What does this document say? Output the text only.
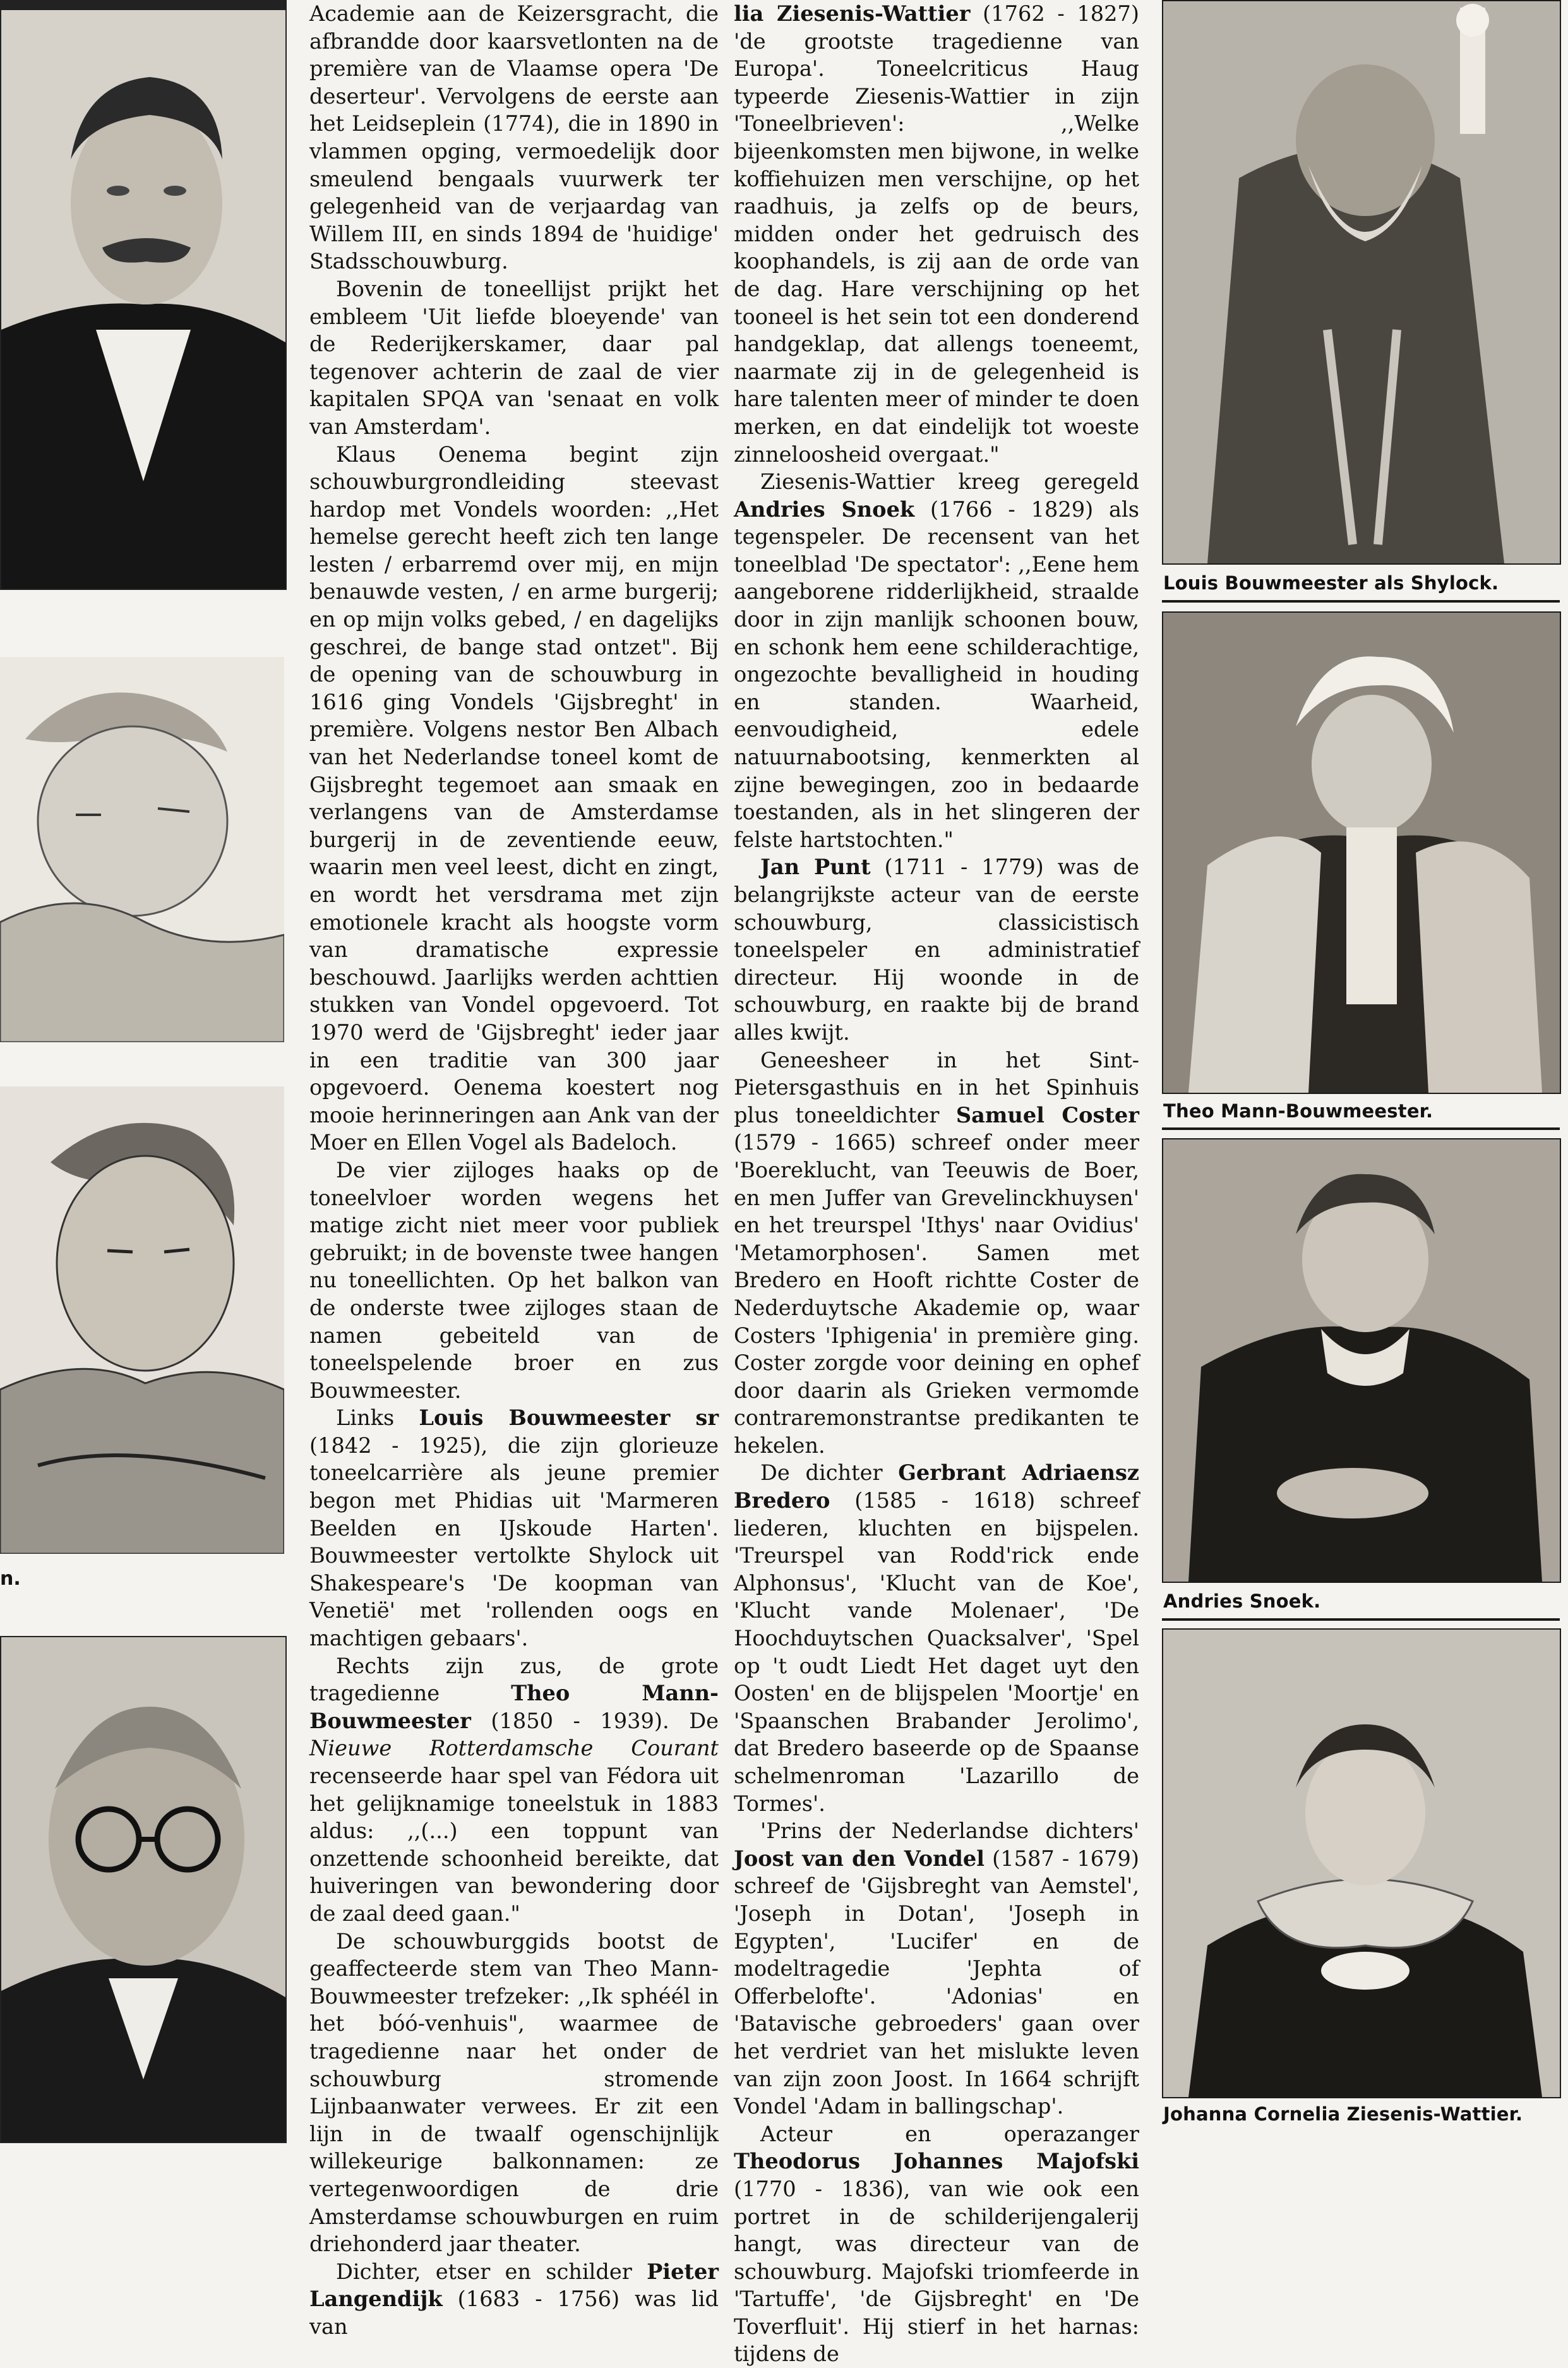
n.

Academie aan de Keizersgracht, die afbrandde door kaarsvetlonten na de première van de Vlaamse opera 'De deserteur'. Vervolgens de eerste aan het Leidseplein (1774), die in 1890 in vlammen opging, vermoedelijk door smeulend bengaals vuurwerk ter gelegenheid van de verjaardag van Willem III, en sinds 1894 de 'huidige' Stadsschouwburg.

Bovenin de toneellijst prijkt het embleem 'Uit liefde bloeyende' van de Rederijkerskamer, daar pal tegenover achterin de zaal de vier kapitalen SPQA van 'senaat en volk van Amsterdam'.

Klaus Oenema begint zijn schouwburgrondleiding steevast hardop met Vondels woorden: ,,Het hemelse gerecht heeft zich ten lange lesten / erbarremd over mij, en mijn benauwde vesten, / en arme burgerij; en op mijn volks gebed, / en dagelijks geschrei, de bange stad ontzet". Bij de opening van de schouwburg in 1616 ging Vondels 'Gijsbreght' in première. Volgens nestor Ben Albach van het Nederlandse toneel komt de Gijsbreght tegemoet aan smaak en verlangens van de Amsterdamse burgerij in de zeventiende eeuw, waarin men veel leest, dicht en zingt, en wordt het versdrama met zijn emotionele kracht als hoogste vorm van dramatische expressie beschouwd. Jaarlijks werden achttien stukken van Vondel opgevoerd. Tot 1970 werd de 'Gijsbreght' ieder jaar in een traditie van 300 jaar opgevoerd. Oenema koestert nog mooie herinneringen aan Ank van der Moer en Ellen Vogel als Badeloch.

De vier zijloges haaks op de toneelvloer worden wegens het matige zicht niet meer voor publiek gebruikt; in de bovenste twee hangen nu toneellichten. Op het balkon van de onderste twee zijloges staan de namen gebeiteld van de toneelspelende broer en zus Bouwmeester.

Links Louis Bouwmeester sr (1842 - 1925), die zijn glorieuze toneelcarrière als jeune premier begon met Phidias uit 'Marmeren Beelden en IJskoude Harten'. Bouwmeester vertolkte Shylock uit Shakespeare's 'De koopman van Venetië' met 'rollenden oogs en machtigen gebaars'.

Rechts zijn zus, de grote tragedienne Theo Mann-Bouwmeester (1850 - 1939). De Nieuwe Rotterdamsche Courant recenseerde haar spel van Fédora uit het gelijknamige toneelstuk in 1883 aldus: ,,(...) een toppunt van onzettende schoonheid bereikte, dat huiveringen van bewondering door de zaal deed gaan."

De schouwburggids bootst de geaffecteerde stem van Theo Mann-Bouwmeester trefzeker: ,,Ik sphéél in het bóó-venhuis", waarmee de tragedienne naar het onder de schouwburg stromende Lijnbaanwater verwees. Er zit een lijn in de twaalf ogenschijnlijk willekeurige balkonnamen: ze vertegenwoordigen de drie Amsterdamse schouwburgen en ruim driehonderd jaar theater.

Dichter, etser en schilder Pieter Langendijk (1683 - 1756) was lid van

lia Ziesenis-Wattier (1762 - 1827) 'de grootste tragedienne van Europa'. Toneelcriticus Haug typeerde Ziesenis-Wattier in zijn 'Toneelbrieven': ,,Welke bijeenkomsten men bijwone, in welke koffiehuizen men verschijne, op het raadhuis, ja zelfs op de beurs, midden onder het gedruisch des koophandels, is zij aan de orde van de dag. Hare verschijning op het tooneel is het sein tot een donderend handgeklap, dat allengs toeneemt, naarmate zij in de gelegenheid is hare talenten meer of minder te doen merken, en dat eindelijk tot woeste zinneloosheid overgaat."

Ziesenis-Wattier kreeg geregeld Andries Snoek (1766 - 1829) als tegenspeler. De recensent van het toneelblad 'De spectator': ,,Eene hem aangeborene ridderlijkheid, straalde door in zijn manlijk schoonen bouw, en schonk hem eene schilderachtige, ongezochte bevalligheid in houding en standen. Waarheid, eenvoudigheid, edele natuurnabootsing, kenmerkten al zijne bewegingen, zoo in bedaarde toestanden, als in het slingeren der felste hartstochten."

Jan Punt (1711 - 1779) was de belangrijkste acteur van de eerste schouwburg, classicistisch toneelspeler en administratief directeur. Hij woonde in de schouwburg, en raakte bij de brand alles kwijt.

Geneesheer in het Sint-Pietersgasthuis en in het Spinhuis plus toneeldichter Samuel Coster (1579 - 1665) schreef onder meer 'Boereklucht, van Teeuwis de Boer, en men Juffer van Grevelinckhuysen' en het treurspel 'Ithys' naar Ovidius' 'Metamorphosen'. Samen met Bredero en Hooft richtte Coster de Nederduytsche Akademie op, waar Costers 'Iphigenia' in première ging. Coster zorgde voor deining en ophef door daarin als Grieken vermomde contraremonstrantse predikanten te hekelen.

De dichter Gerbrant Adriaensz Bredero (1585 - 1618) schreef liederen, kluchten en bijspelen. 'Treurspel van Rodd'rick ende Alphonsus', 'Klucht van de Koe', 'Klucht vande Molenaer', 'De Hoochduytschen Quacksalver', 'Spel op 't oudt Liedt Het daget uyt den Oosten' en de blijspelen 'Moortje' en 'Spaanschen Brabander Jerolimo', dat Bredero baseerde op de Spaanse schelmenroman 'Lazarillo de Tormes'.

'Prins der Nederlandse dichters' Joost van den Vondel (1587 - 1679) schreef de 'Gijsbreght van Aemstel', 'Joseph in Dotan', 'Joseph in Egypten', 'Lucifer' en de modeltragedie 'Jephta of Offerbelofte'. 'Adonias' en 'Batavische gebroeders' gaan over het verdriet van het mislukte leven van zijn zoon Joost. In 1664 schrijft Vondel 'Adam in ballingschap'.

Acteur en operazanger Theodorus Johannes Majofski (1770 - 1836), van wie ook een portret in de schilderijengalerij hangt, was directeur van de schouwburg. Majofski triomfeerde in 'Tartuffe', 'de Gijsbreght' en 'De Toverfluit'. Hij stierf in het harnas: tijdens de

Louis Bouwmeester als Shylock.
Theo Mann-Bouwmeester.
Andries Snoek.
Johanna Cornelia Ziesenis-Wattier.
